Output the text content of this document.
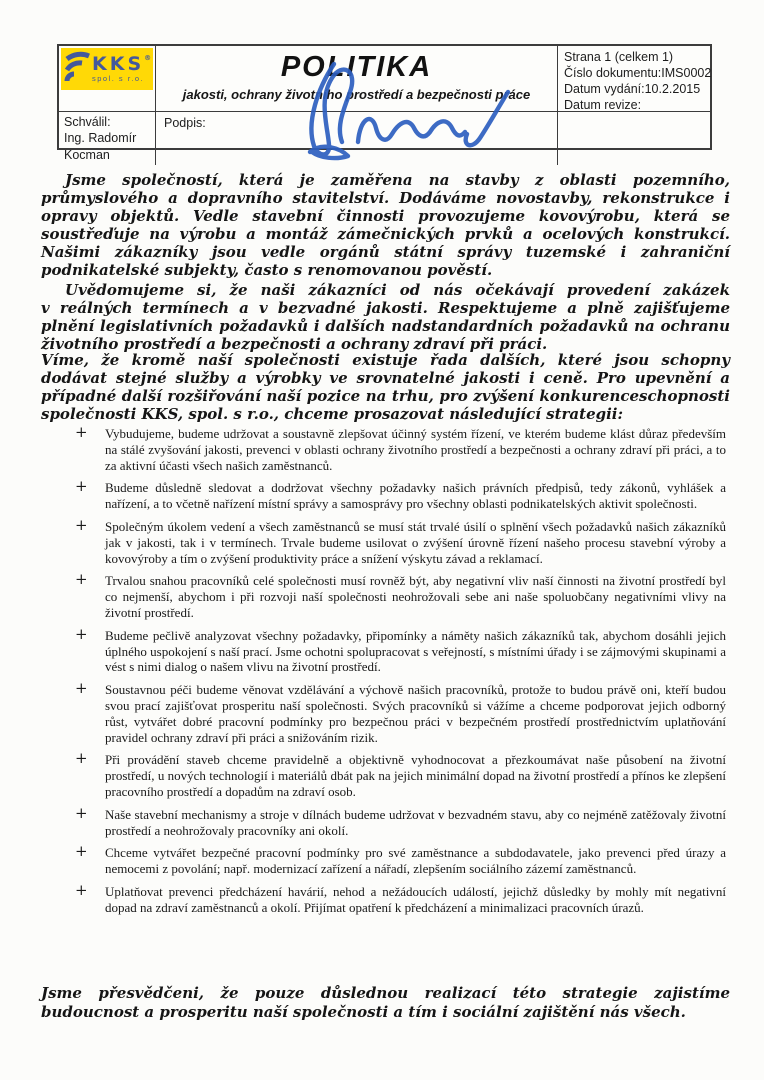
KKS®
spol. s r.o.	POLITIKA
jakosti, ochrany životního prostředí a bezpečnosti práce
Strana 1 (celkem 1)
Číslo dokumentu:IMS0002
Datum vydání:10.2.2015
Datum revize:
Schválil:
Ing. Radomír Kocman
Podpis:

Jsme společností, která je zaměřena na stavby z oblasti pozemního, průmyslového a dopravního stavitelství. Dodáváme novostavby, rekonstrukce i opravy objektů. Vedle stavební činnosti provozujeme kovovýrobu, která se soustřeďuje na výrobu a montáž zámečnických prvků a ocelových konstrukcí. Našimi zákazníky jsou vedle orgánů státní správy tuzemské i zahraniční podnikatelské subjekty, často s renomovanou pověstí.

Uvědomujeme si, že naši zákazníci od nás očekávají provedení zakázek v reálných termínech a v bezvadné jakosti. Respektujeme a plně zajišťujeme plnění legislativních požadavků i dalších nadstandardních požadavků na ochranu životního prostředí a bezpečnosti a ochrany zdraví při práci.

Víme, že kromě naší společnosti existuje řada dalších, které jsou schopny dodávat stejné služby a výrobky ve srovnatelné jakosti i ceně. Pro upevnění a případné další rozšiřování naší pozice na trhu, pro zvýšení konkurenceschopnosti společnosti KKS, spol. s r.o., chceme prosazovat následující strategii:

+ Vybudujeme, budeme udržovat a soustavně zlepšovat účinný systém řízení, ve kterém budeme klást důraz především na stálé zvyšování jakosti, prevenci v oblasti ochrany životního prostředí a bezpečnosti a ochrany zdraví při práci, a to za aktivní účasti všech našich zaměstnanců.
+ Budeme důsledně sledovat a dodržovat všechny požadavky našich právních předpisů, tedy zákonů, vyhlášek a nařízení, a to včetně nařízení místní správy a samosprávy pro všechny oblasti podnikatelských aktivit společnosti.
+ Společným úkolem vedení a všech zaměstnanců se musí stát trvalé úsilí o splnění všech požadavků našich zákazníků jak v jakosti, tak i v termínech. Trvale budeme usilovat o zvýšení úrovně řízení našeho procesu stavební výroby a kovovýroby a tím o zvýšení produktivity práce a snížení výskytu závad a reklamací.
+ Trvalou snahou pracovníků celé společnosti musí rovněž být, aby negativní vliv naší činnosti na životní prostředí byl co nejmenší, abychom i při rozvoji naší společnosti neohrožovali sebe ani naše spoluobčany negativními vlivy na životní prostředí.
+ Budeme pečlivě analyzovat všechny požadavky, připomínky a náměty našich zákazníků tak, abychom dosáhli jejich úplného uspokojení s naší prací. Jsme ochotni spolupracovat s veřejností, s místními úřady i se zájmovými skupinami a vést s nimi dialog o našem vlivu na životní prostředí.
+ Soustavnou péči budeme věnovat vzdělávání a výchově našich pracovníků, protože to budou právě oni, kteří budou svou prací zajišťovat prosperitu naší společnosti. Svých pracovníků si vážíme a chceme podporovat jejich odborný růst, vytvářet dobré pracovní podmínky pro bezpečnou práci v bezpečném prostředí prostřednictvím uplatňování pravidel ochrany zdraví při práci a snižováním rizik.
+ Při provádění staveb chceme pravidelně a objektivně vyhodnocovat a přezkoumávat naše působení na životní prostředí, u nových technologií i materiálů dbát pak na jejich minimální dopad na životní prostředí a přínos ke zlepšení pracovního prostředí a dopadům na zdraví osob.
+ Naše stavební mechanismy a stroje v dílnách budeme udržovat v bezvadném stavu, aby co nejméně zatěžovaly životní prostředí a neohrožovaly pracovníky ani okolí.
+ Chceme vytvářet bezpečné pracovní podmínky pro své zaměstnance a subdodavatele, jako prevenci před úrazy a nemocemi z povolání; např. modernizací zařízení a nářadí, zlepšením sociálního zázemí zaměstnanců.
+ Uplatňovat prevenci předcházení havárií, nehod a nežádoucích událostí, jejichž důsledky by mohly mít negativní dopad na zdraví zaměstnanců a okolí. Přijímat opatření k předcházení a minimalizaci pracovních úrazů.

Jsme přesvědčeni, že pouze důslednou realizací této strategie zajistíme budoucnost a prosperitu naší společnosti a tím i sociální zajištění nás všech.
